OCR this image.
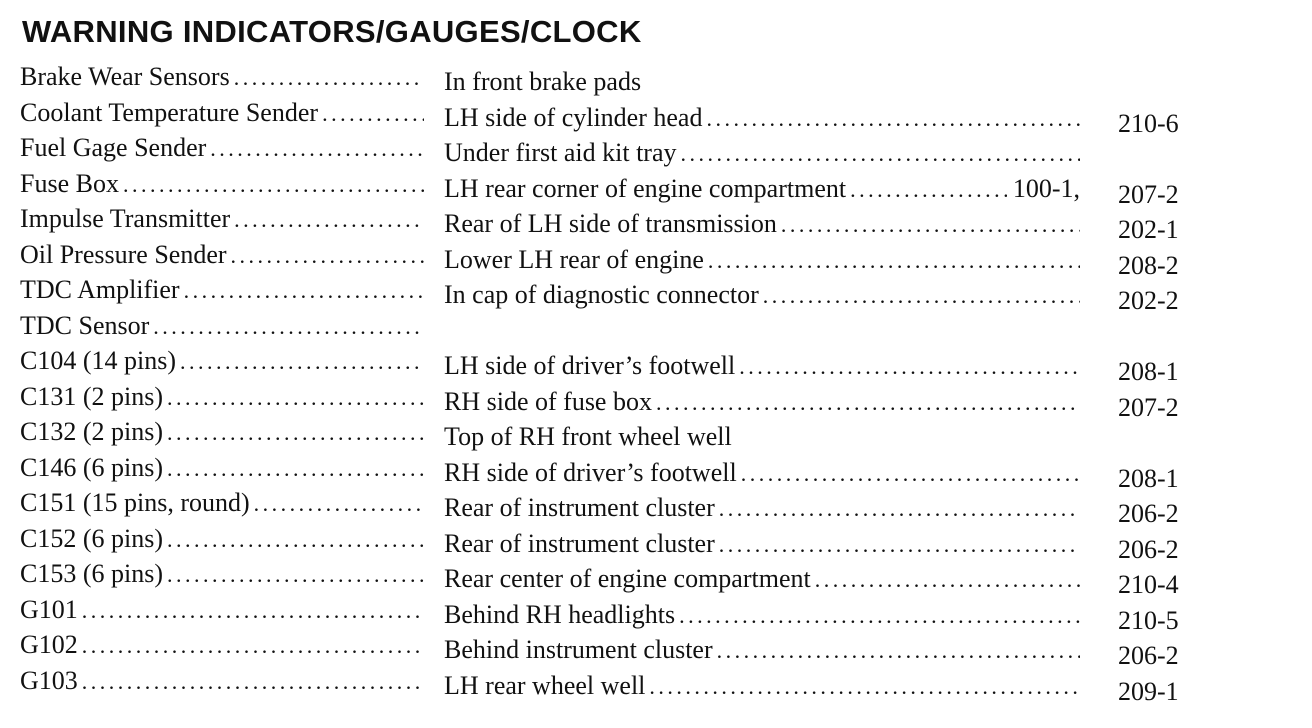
WARNING INDICATORS/GAUGES/CLOCK
Brake Wear Sensors . . .	In front brake pads
Coolant Temperature Sender . . .	LH side of cylinder head . . .	210-6
Fuel Gage Sender . . .	Under first aid kit tray
. . .
Fuse Box . . .	LH rear corner of engine compartment . . .	100-1, 207-2
Impulse Transmitter . . .	Rear of LH side of transmission . . .	202-1
Oil Pressure Sender . . .	Lower LH rear of engine . . .	208-2
TDC Amplifier . . .	In cap of diagnostic connector . . .	202-2
TDC Sensor
. . .
C104 (14 pins) . . .	LH side of driver’s footwell . . .	208-1
C131 (2 pins) . . .	RH side of fuse box . . .	207-2
C132 (2 pins) . . .	Top of RH front wheel well
C146 (6 pins) . . .	RH side of driver’s footwell . . .	208-1
C151 (15 pins, round) . . .	Rear of instrument cluster . . .	206-2
C152 (6 pins) . . .	Rear of instrument cluster . . .	206-2
C153 (6 pins) . . .	Rear center of engine compartment . . .	210-4
G101 . . .	Behind RH headlights . . .	210-5
G102 . . .	Behind instrument cluster . . .	206-2
G103 . . .	LH rear wheel well . . .	209-1
